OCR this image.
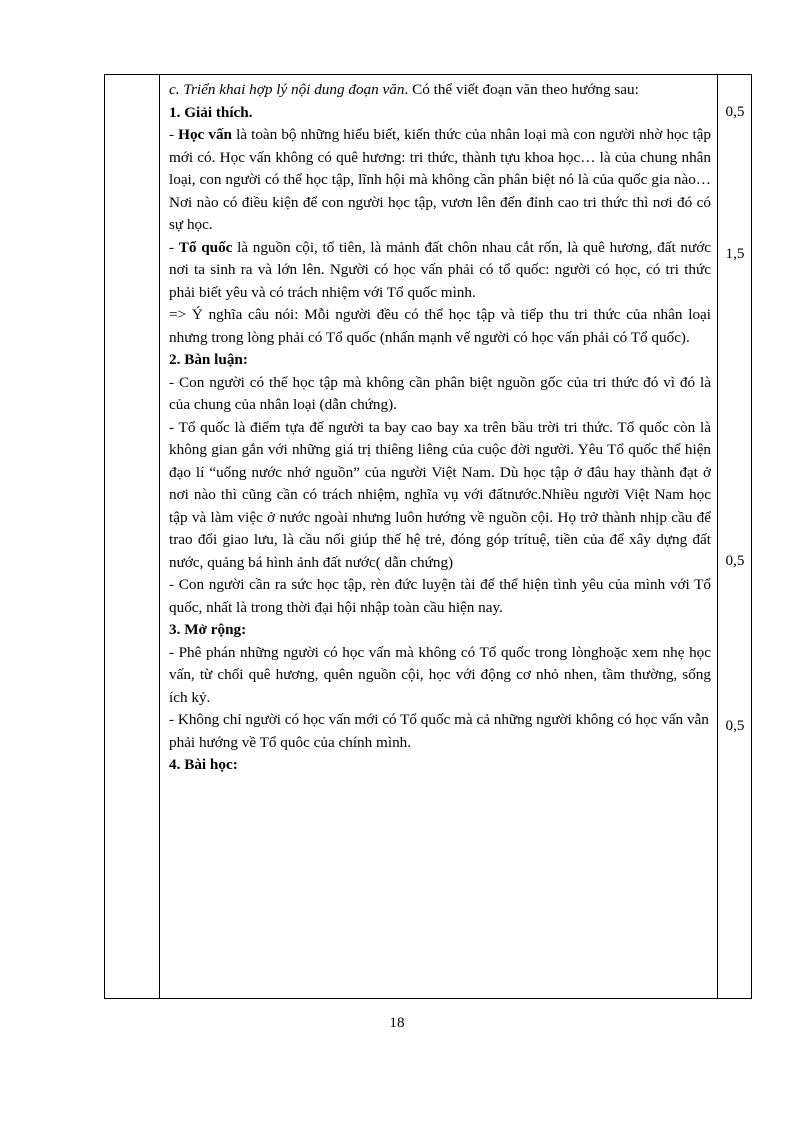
c. Triển khai hợp lý nội dung đoạn văn. Có thể viết đoạn văn theo hướng sau:

1. Giải thích.

- Học vấn là toàn bộ những hiểu biết, kiến thức của nhân loại mà con người nhờ học tập mới có. Học vấn không có quê hương: tri thức, thành tựu khoa học… là của chung nhân loại, con người có thể học tập, lĩnh hội mà không cần phân biệt nó là của quốc gia nào…Nơi nào có điều kiện để con người học tập, vươn lên đến đỉnh cao tri thức thì nơi đó có sự học.

- Tổ quốc là nguồn cội, tổ tiên, là mảnh đất chôn nhau cắt rốn, là quê hương, đất nước nơi ta sinh ra và lớn lên. Người có học vấn phải có tổ quốc: người có học, có tri thức phải biết yêu và có trách nhiệm với Tổ quốc mình.

=> Ý nghĩa câu nói: Mỗi người đều có thể học tập và tiếp thu tri thức của nhân loại nhưng trong lòng phải có Tổ quốc (nhấn mạnh vế người có học vấn phải có Tổ quốc).

2. Bàn luận:

- Con người có thể học tập mà không cần phân biệt nguồn gốc của tri thức đó vì đó là của chung của nhân loại (dẫn chứng).

- Tổ quốc là điểm tựa để người ta bay cao bay xa trên bầu trời tri thức. Tổ quốc còn là không gian gắn với những giá trị thiêng liêng của cuộc đời người. Yêu Tổ quốc thể hiện đạo lí “uống nước nhớ nguồn” của người Việt Nam. Dù học tập ở đâu hay thành đạt ở nơi nào thì cũng cần có trách nhiệm, nghĩa vụ với đấtnước.Nhiều người Việt Nam học tập và làm việc ở nước ngoài nhưng luôn hướng về nguồn cội. Họ trở thành nhịp cầu để trao đổi giao lưu, là cầu nối giúp thế hệ trẻ, đóng góp trítuệ, tiền của để xây dựng đất nước, quảng bá hình ảnh đất nước( dẫn chứng)

- Con người cần ra sức học tập, rèn đức luyện tài để thể hiện tình yêu của mình với Tổ quốc, nhất là trong thời đại hội nhập toàn cầu hiện nay.

3. Mở rộng:

- Phê phán những người có học vấn mà không có Tổ quốc trong lònghoặc xem nhẹ học vấn, từ chối quê hương, quên nguồn cội, học với động cơ nhỏ nhen, tầm thường, sống ích kỷ.

- Không chỉ người có học vấn mới có Tổ quốc mà cả những người không có học vấn vẫn phải hướng về Tổ quôc của chính mình.

4. Bài học:

0,5
1,5
0,5
0,5
18
